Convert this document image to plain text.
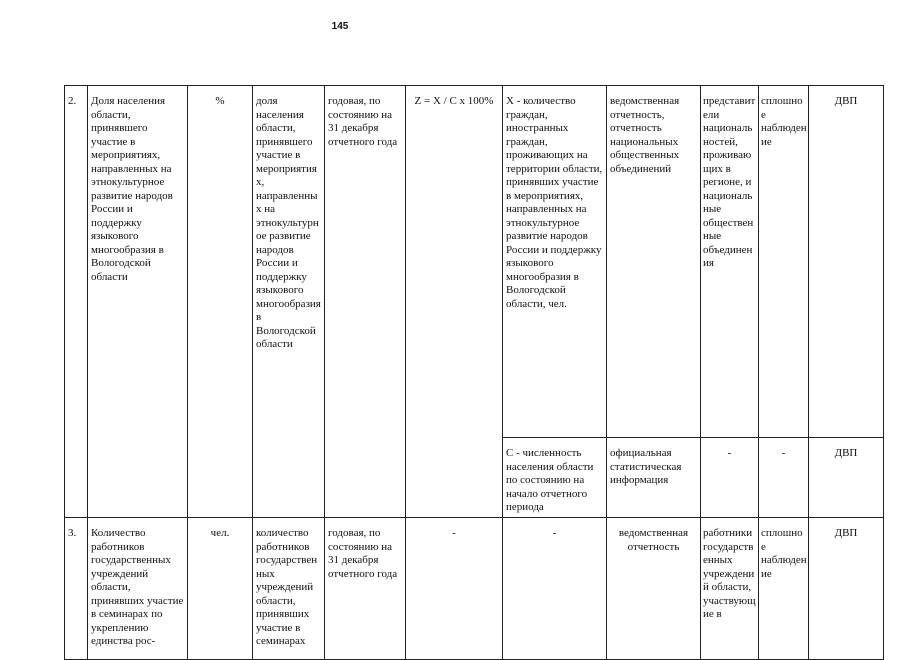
145
2.	Доля населения области, принявшего участие в мероприятиях, направленных на этнокультурное развитие народов России и поддержку языкового многообразия в Вологодской области	%	доля населения области, принявшего участие в мероприятиях, направленных на этнокультурное развитие народов России и поддержку языкового многообразия в Вологодской области	годовая, по состоянию на 31 декабря отчетного года	Z = X / C x 100%	X - количество граждан, иностранных граждан, проживающих на территории области, принявших участие в мероприятиях, направленных на этнокультурное развитие народов России и поддержку языкового многообразия в Вологодской области, чел.	ведомственная отчетность, отчетность национальных общественных объединений	представители национальностей, проживающих в регионе, и национальные общественные объединения	сплошное наблюдение	ДВП
						С - численность населения области по состоянию на начало отчетного периода	официальная статистическая информация	-	-	ДВП
3.	Количество работников государственных учреждений области, принявших участие в семинарах по укреплению единства рос-	чел.	количество работников государственных учреждений области, принявших участие в семинарах	годовая, по состоянию на 31 декабря отчетного года	-	-	ведомственная отчетность	работники государственных учреждений области, участвующие в	сплошное наблюдение	ДВП
